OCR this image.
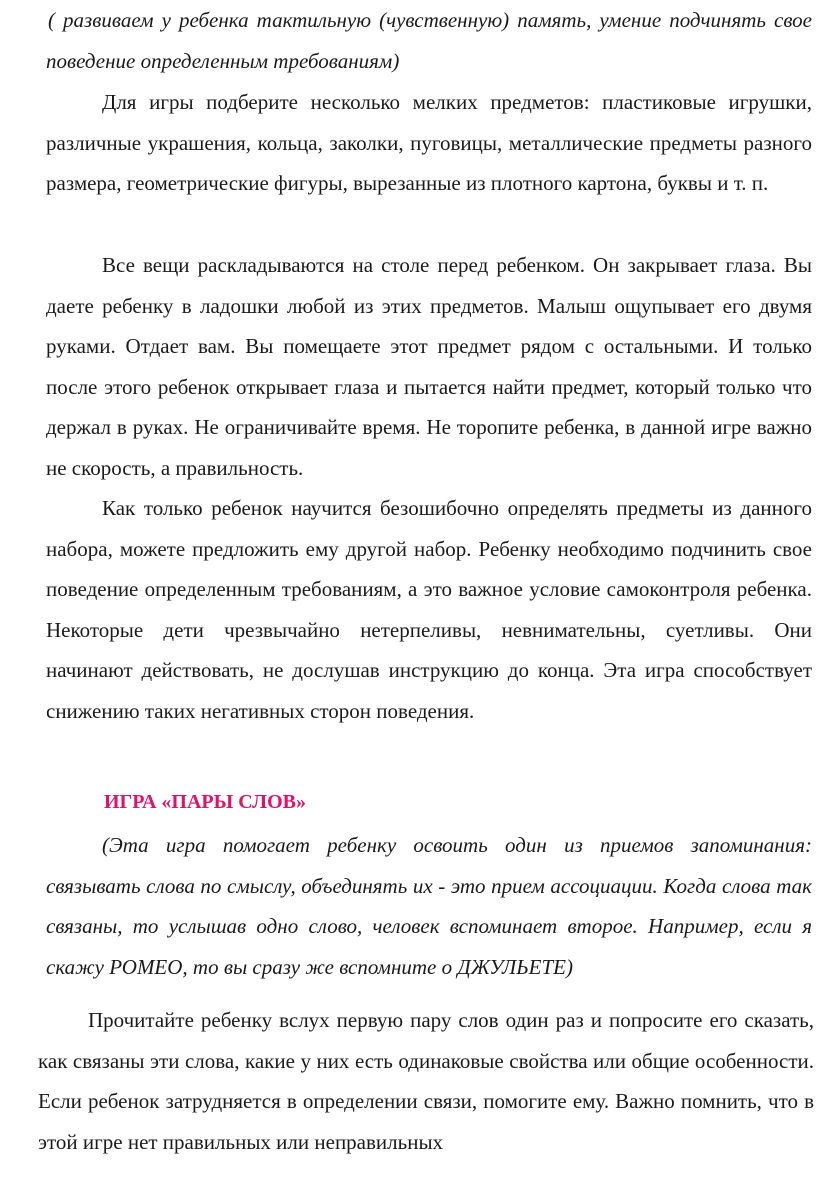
( развиваем у ребенка тактильную (чувственную) память, умение подчинять свое поведение определенным требованиям)

Для игры подберите несколько мелких предметов: пластиковые игрушки, различные украшения, кольца, заколки, пуговицы, металлические предметы разного размера, геометрические фигуры, вырезанные из плотного картона, буквы и т. п.

Все вещи раскладываются на столе перед ребенком. Он закрывает глаза. Вы даете ребенку в ладошки любой из этих предметов. Малыш ощупывает его двумя руками. Отдает вам. Вы помещаете этот предмет рядом с остальными. И только после этого ребенок открывает глаза и пытается найти предмет, который только что держал в руках. Не ограничивайте время. Не торопите ребенка, в данной игре важно не скорость, а правильность.

Как только ребенок научится безошибочно определять предметы из данного набора, можете предложить ему другой набор. Ребенку необходимо подчинить свое поведение определенным требованиям, а это важное условие самоконтроля ребенка. Некоторые дети чрезвычайно нетерпеливы, невнимательны, суетливы. Они начинают действовать, не дослушав инструкцию до конца. Эта игра способствует снижению таких негативных сторон поведения.

ИГРА «ПАРЫ СЛОВ»

(Эта игра помогает ребенку освоить один из приемов запоминания: связывать слова по смыслу, объединять их - это прием ассоциации. Когда слова так связаны, то услышав одно слово, человек вспоминает второе. Например, если я скажу РОМЕО, то вы сразу же вспомните о ДЖУЛЬЕТЕ)

Прочитайте ребенку вслух первую пару слов один раз и попросите его сказать, как связаны эти слова, какие у них есть одинаковые свойства или общие особенности. Если ребенок затрудняется в определении связи, помогите ему. Важно помнить, что в этой игре нет правильных или неправильных
